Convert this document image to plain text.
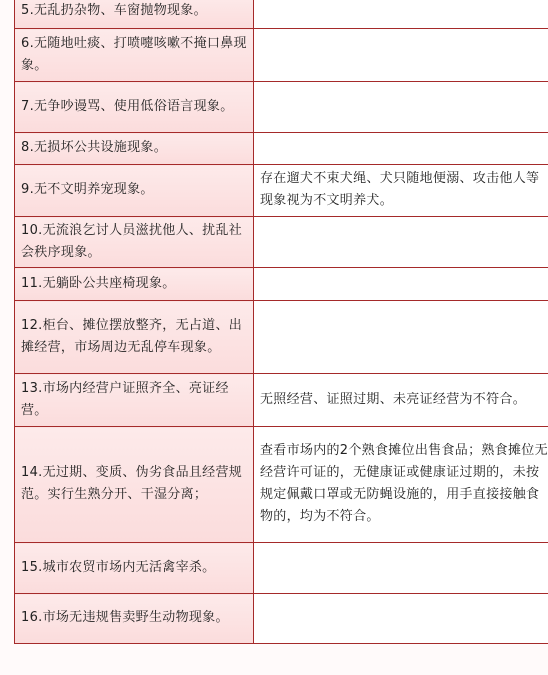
5.无乱扔杂物、车窗抛物现象。	
6.无随地吐痰、打喷嚏咳嗽不掩口鼻现象。	
7.无争吵谩骂、使用低俗语言现象。	
8.无损坏公共设施现象。	
9.无不文明养宠现象。	存在遛犬不束犬绳、犬只随地便溺、攻击他人等现象视为不文明养犬。
10.无流浪乞讨人员滋扰他人、扰乱社会秩序现象。	
11.无躺卧公共座椅现象。	
12.柜台、摊位摆放整齐，无占道、出摊经营，市场周边无乱停车现象。	
13.市场内经营户证照齐全、亮证经营。	无照经营、证照过期、未亮证经营为不符合。
14.无过期、变质、伪劣食品且经营规范。实行生熟分开、干湿分离；	查看市场内的2个熟食摊位出售食品；熟食摊位无经营许可证的，无健康证或健康证过期的，未按规定佩戴口罩或无防蝇设施的，用手直接接触食物的，均为不符合。
15.城市农贸市场内无活禽宰杀。	
16.市场无违规售卖野生动物现象。	
